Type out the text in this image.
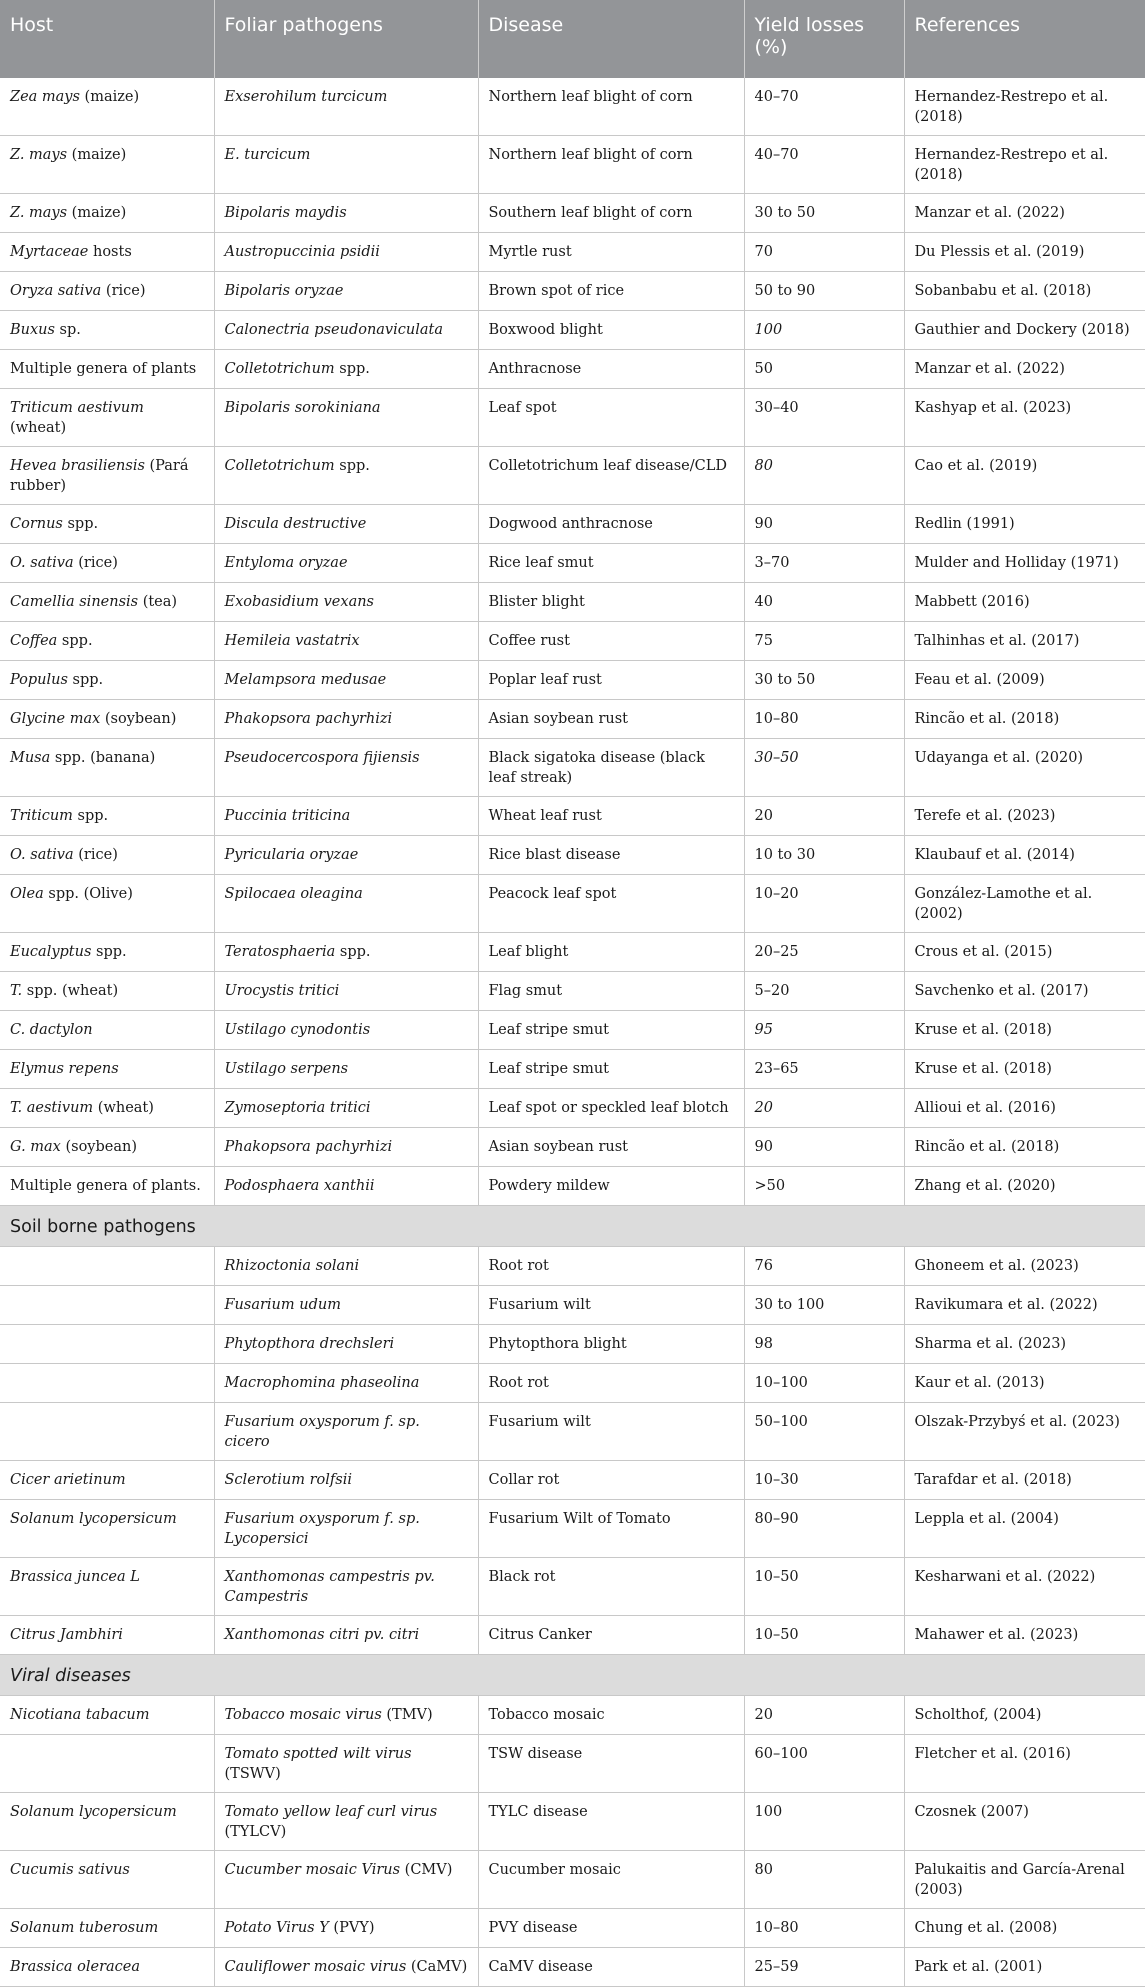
Host	Foliar pathogens	Disease	Yield losses (%)	References
Zea mays (maize)	Exserohilum turcicum	Northern leaf blight of corn	40–70	Hernandez-Restrepo et al. (2018)
Z. mays (maize)	E. turcicum	Northern leaf blight of corn	40–70	Hernandez-Restrepo et al. (2018)
Z. mays (maize)	Bipolaris maydis	Southern leaf blight of corn	30 to 50	Manzar et al. (2022)
Myrtaceae hosts	Austropuccinia psidii	Myrtle rust	70	Du Plessis et al. (2019)
Oryza sativa (rice)	Bipolaris oryzae	Brown spot of rice	50 to 90	Sobanbabu et al. (2018)
Buxus sp.	Calonectria pseudonaviculata	Boxwood blight	100	Gauthier and Dockery (2018)
Multiple genera of plants	Colletotrichum spp.	Anthracnose	50	Manzar et al. (2022)
Triticum aestivum (wheat)	Bipolaris sorokiniana	Leaf spot	30–40	Kashyap et al. (2023)
Hevea brasiliensis (Pará rubber)	Colletotrichum spp.	Colletotrichum leaf disease/CLD	80	Cao et al. (2019)
Cornus spp.	Discula destructive	Dogwood anthracnose	90	Redlin (1991)
O. sativa (rice)	Entyloma oryzae	Rice leaf smut	3–70	Mulder and Holliday (1971)
Camellia sinensis (tea)	Exobasidium vexans	Blister blight	40	Mabbett (2016)
Coffea spp.	Hemileia vastatrix	Coffee rust	75	Talhinhas et al. (2017)
Populus spp.	Melampsora medusae	Poplar leaf rust	30 to 50	Feau et al. (2009)
Glycine max (soybean)	Phakopsora pachyrhizi	Asian soybean rust	10–80	Rincão et al. (2018)
Musa spp. (banana)	Pseudocercospora fijiensis	Black sigatoka disease (black leaf streak)	30–50	Udayanga et al. (2020)
Triticum spp.	Puccinia triticina	Wheat leaf rust	20	Terefe et al. (2023)
O. sativa (rice)	Pyricularia oryzae	Rice blast disease	10 to 30	Klaubauf et al. (2014)
Olea spp. (Olive)	Spilocaea oleagina	Peacock leaf spot	10–20	González-Lamothe et al. (2002)
Eucalyptus spp.	Teratosphaeria spp.	Leaf blight	20–25	Crous et al. (2015)
T. spp. (wheat)	Urocystis tritici	Flag smut	5–20	Savchenko et al. (2017)
C. dactylon	Ustilago cynodontis	Leaf stripe smut	95	Kruse et al. (2018)
Elymus repens	Ustilago serpens	Leaf stripe smut	23–65	Kruse et al. (2018)
T. aestivum (wheat)	Zymoseptoria tritici	Leaf spot or speckled leaf blotch	20	Allioui et al. (2016)
G. max (soybean)	Phakopsora pachyrhizi	Asian soybean rust	90	Rincão et al. (2018)
Multiple genera of plants.	Podosphaera xanthii	Powdery mildew	>50	Zhang et al. (2020)
Soil borne pathogens				
	Rhizoctonia solani	Root rot	76	Ghoneem et al. (2023)
	Fusarium udum	Fusarium wilt	30 to 100	Ravikumara et al. (2022)
	Phytopthora drechsleri	Phytopthora blight	98	Sharma et al. (2023)
	Macrophomina phaseolina	Root rot	10–100	Kaur et al. (2013)
	Fusarium oxysporum f. sp. cicero	Fusarium wilt	50–100	Olszak-Przybyś et al. (2023)
Cicer arietinum	Sclerotium rolfsii	Collar rot	10–30	Tarafdar et al. (2018)
Solanum lycopersicum	Fusarium oxysporum f. sp. Lycopersici	Fusarium Wilt of Tomato	80–90	Leppla et al. (2004)
Brassica juncea L	Xanthomonas campestris pv. Campestris	Black rot	10–50	Kesharwani et al. (2022)
Citrus Jambhiri	Xanthomonas citri pv. citri	Citrus Canker	10–50	Mahawer et al. (2023)
Viral diseases				
Nicotiana tabacum	Tobacco mosaic virus (TMV)	Tobacco mosaic	20	Scholthof, (2004)
	Tomato spotted wilt virus (TSWV)	TSW disease	60–100	Fletcher et al. (2016)
Solanum lycopersicum	Tomato yellow leaf curl virus (TYLCV)	TYLC disease	100	Czosnek (2007)
Cucumis sativus	Cucumber mosaic Virus (CMV)	Cucumber mosaic	80	Palukaitis and García-Arenal (2003)
Solanum tuberosum	Potato Virus Y (PVY)	PVY disease	10–80	Chung et al. (2008)
Brassica oleracea	Cauliflower mosaic virus (CaMV)	CaMV disease	25–59	Park et al. (2001)
